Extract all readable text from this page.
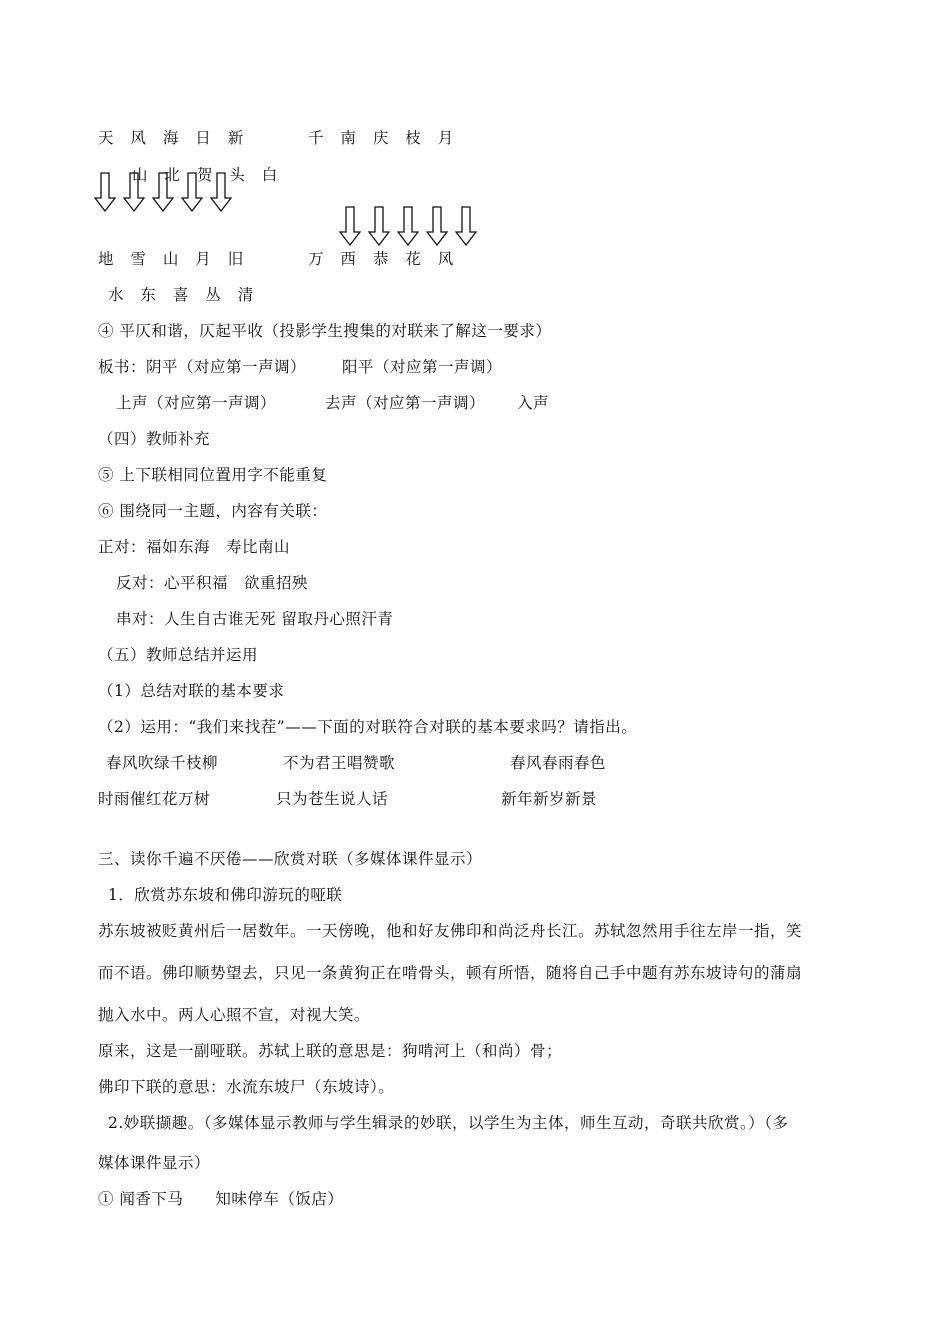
天 风 海 日 新	千 南 庆 枝 月
山 北 贺 头 白
地 雪 山 月 旧	万 西 恭 花 风
水 东 喜 丛 清
④ 平仄和谐，仄起平收（投影学生搜集的对联来了解这一要求）
板书：阴平（对应第一声调） 阳平（对应第一声调）
上声（对应第一声调）	去声（对应第一声调） 入声
（四）教师补充
⑤ 上下联相同位置用字不能重复
⑥ 围绕同一主题，内容有关联：
正对：福如东海　寿比南山
反对：心平积福　欲重招殃
串对：人生自古谁无死 留取丹心照汗青
（五）教师总结并运用
（1）总结对联的基本要求
（2）运用：“我们来找茬”——下面的对联符合对联的基本要求吗？请指出。
春风吹绿千枝柳	不为君王唱赞歌	春风春雨春色
时雨催红花万树	只为苍生说人话	新年新岁新景
三、读你千遍不厌倦——欣赏对联（多媒体课件显示）
1．欣赏苏东坡和佛印游玩的哑联
苏东坡被贬黄州后一居数年。一天傍晚，他和好友佛印和尚泛舟长江。苏轼忽然用手往左岸一指，笑
而不语。佛印顺势望去，只见一条黄狗正在啃骨头，顿有所悟，随将自己手中题有苏东坡诗句的蒲扇
抛入水中。两人心照不宣，对视大笑。
原来，这是一副哑联。苏轼上联的意思是：狗啃河上（和尚）骨；
佛印下联的意思：水流东坡尸（东坡诗）。
2.妙联撷趣。（多媒体显示教师与学生辑录的妙联，以学生为主体，师生互动，奇联共欣赏。）（多
媒体课件显示）
① 闻香下马　　知味停车（饭店）
